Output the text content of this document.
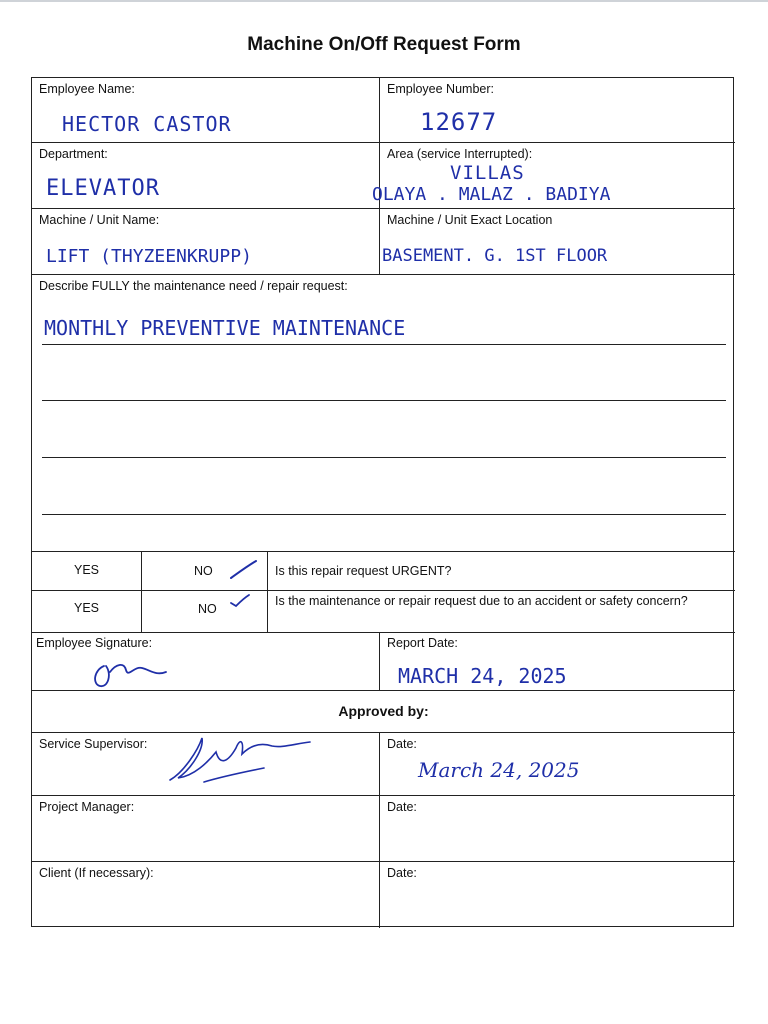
Machine On/Off Request Form
Employee Name:
HECTOR CASTOR
Employee Number:
12677
Department:
ELEVATOR
Area (service Interrupted):
VILLAS
OLAYA . MALAZ . BADIYA
Machine / Unit Name:
LIFT (THYZEENKRUPP)
Machine / Unit Exact Location
BASEMENT. G. 1ST FLOOR
Describe FULLY the maintenance need / repair request:
MONTHLY PREVENTIVE MAINTENANCE
YES	NO	Is this repair request URGENT?
YES	NO
Is the maintenance or repair request due to an accident or safety concern?
Employee Signature:	Report Date:
MARCH 24, 2025
Approved by:
Service Supervisor:	Date:
March 24, 2025
Project Manager:	Date:
Client (If necessary):	Date:
